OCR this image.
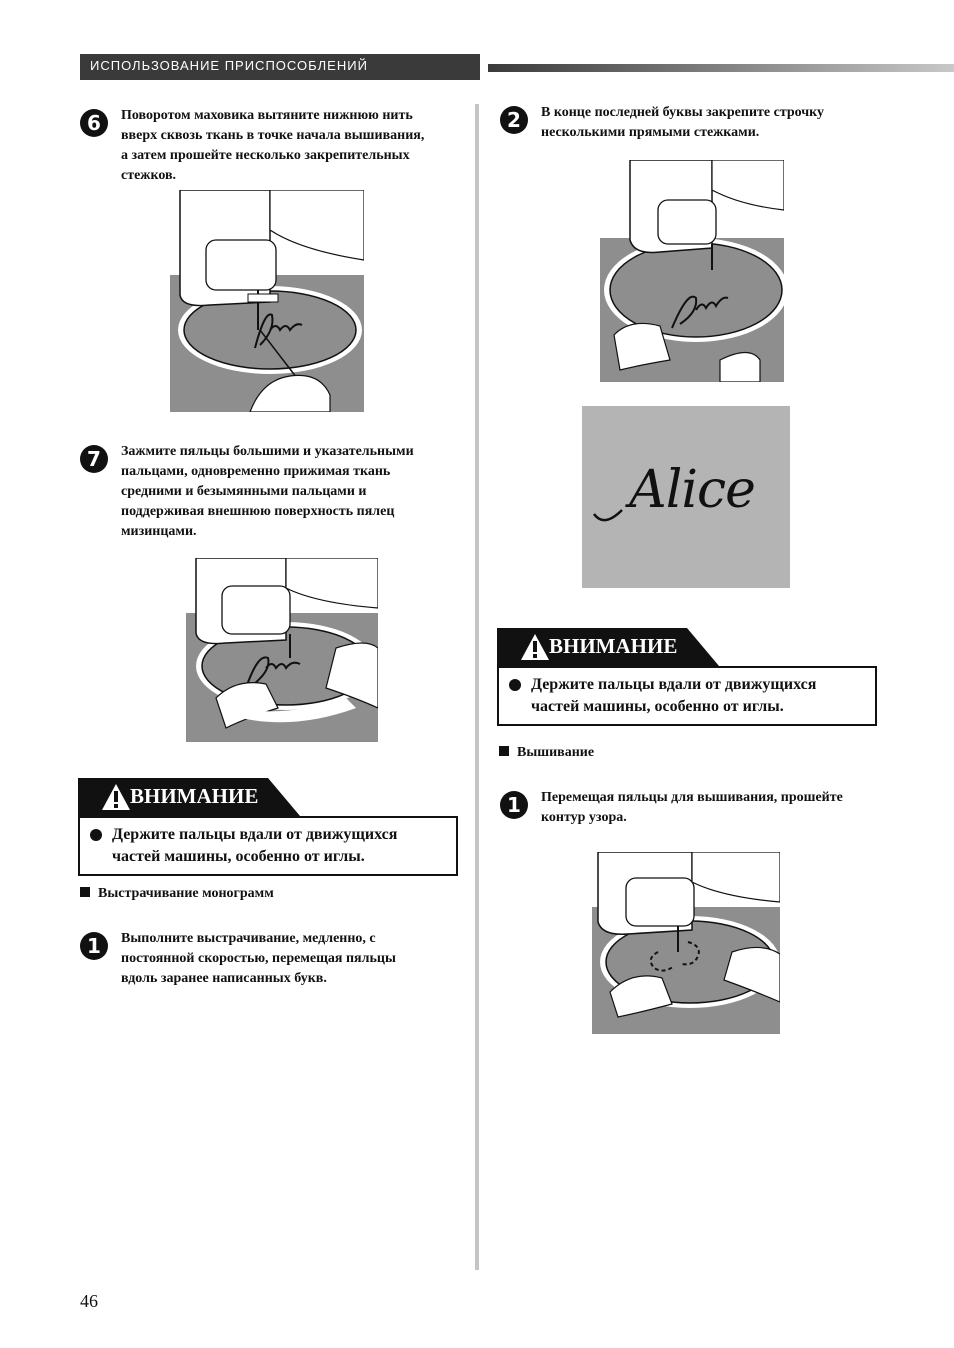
ИСПОЛЬЗОВАНИЕ ПРИСПОСОБЛЕНИЙ
6	Поворотом маховика вытяните нижнюю нить
вверх сквозь ткань в точке начала вышивания,
а затем прошейте несколько закрепительных
стежков.
7	Зажмите пяльцы большими и указательными
пальцами, одновременно прижимая ткань
средними и безымянными пальцами и
поддерживая внешнюю поверхность пялец
мизинцами.
ВНИМАНИЕ
Держите пальцы вдали от движущихся
частей машины, особенно от иглы.
Выстрачивание монограмм
1	Выполните выстрачивание, медленно, с
постоянной скоростью, перемещая пяльцы
вдоль заранее написанных букв.
2	В конце последней буквы закрепите строчку
несколькими прямыми стежками.
Alice
ВНИМАНИЕ
Держите пальцы вдали от движущихся
частей машины, особенно от иглы.
Вышивание
1	Перемещая пяльцы для вышивания, прошейте
контур узора.
46
